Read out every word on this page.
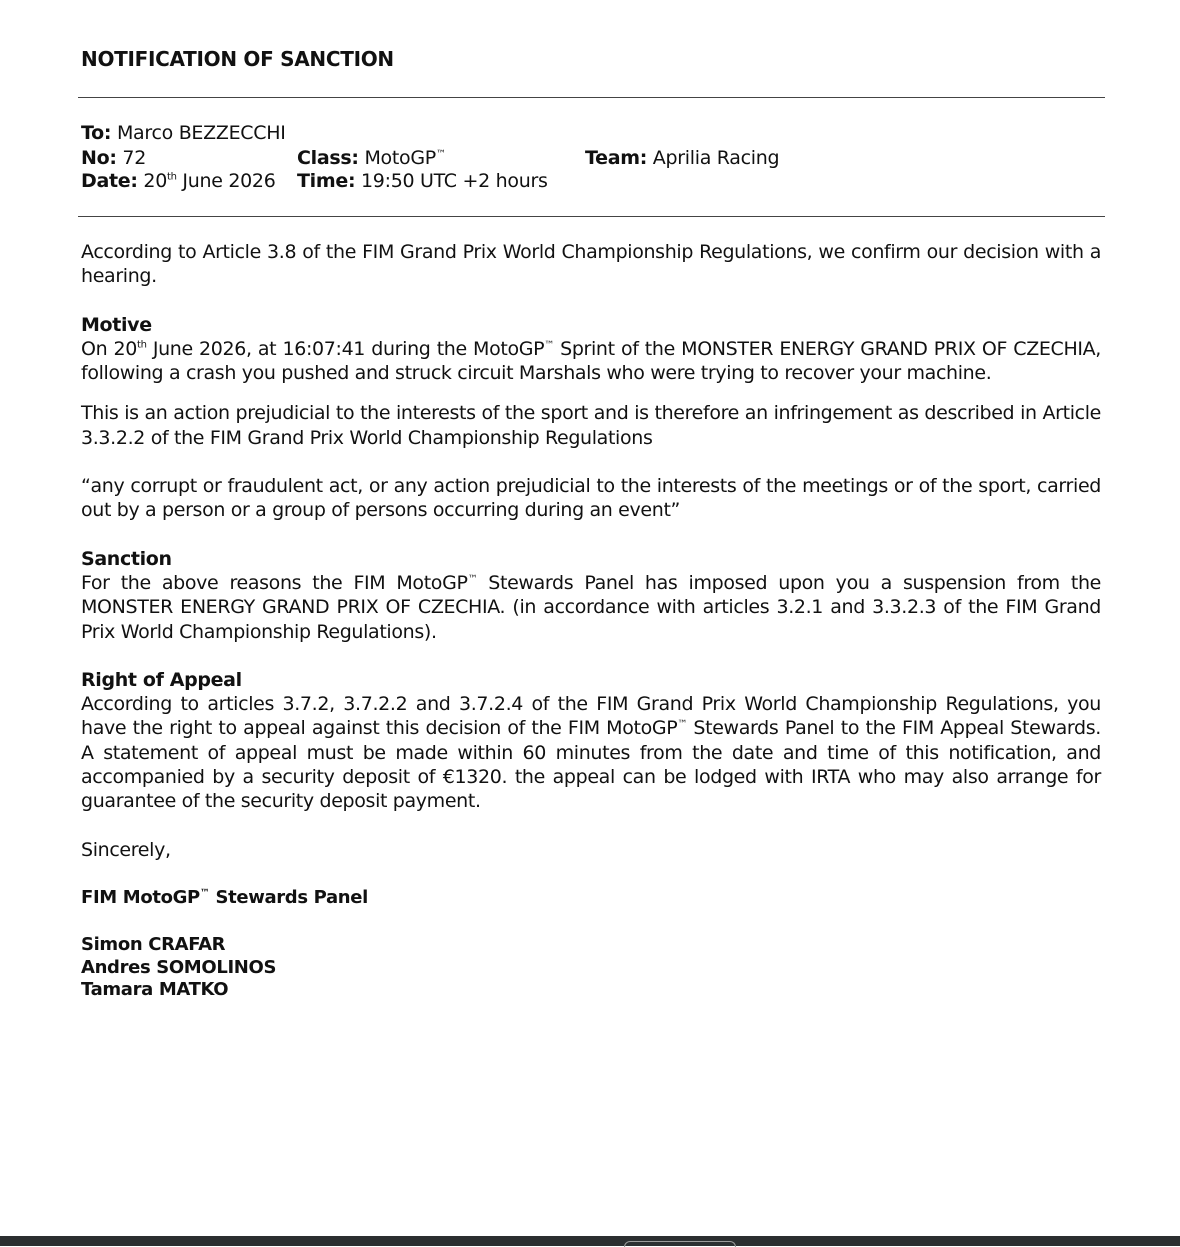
NOTIFICATION OF SANCTION
To: Marco BEZZECCHI
No: 72
Date: 20th June 2026
Class: MotoGP™
Time: 19:50 UTC +2 hours
Team: Aprilia Racing

According to Article 3.8 of the FIM Grand Prix World Championship Regulations, we confirm our decision with a hearing.

Motive
On 20th June 2026, at 16:07:41 during the MotoGP™ Sprint of the MONSTER ENERGY GRAND PRIX OF CZECHIA, following a crash you pushed and struck circuit Marshals who were trying to recover your machine.

This is an action prejudicial to the interests of the sport and is therefore an infringement as described in Article 3.3.2.2 of the FIM Grand Prix World Championship Regulations

“any corrupt or fraudulent act, or any action prejudicial to the interests of the meetings or of the sport, carried out by a person or a group of persons occurring during an event”

Sanction
For the above reasons the FIM MotoGP™ Stewards Panel has imposed upon you a suspension from the MONSTER ENERGY GRAND PRIX OF CZECHIA. (in accordance with articles 3.2.1 and 3.3.2.3 of the FIM Grand Prix World Championship Regulations).

Right of Appeal
According to articles 3.7.2, 3.7.2.2 and 3.7.2.4 of the FIM Grand Prix World Championship Regulations, you have the right to appeal against this decision of the FIM MotoGP™ Stewards Panel to the FIM Appeal Stewards. A statement of appeal must be made within 60 minutes from the date and time of this notification, and accompanied by a security deposit of €1320. the appeal can be lodged with IRTA who may also arrange for guarantee of the security deposit payment.

Sincerely,

FIM MotoGP™ Stewards Panel

Simon CRAFAR
Andres SOMOLINOS
Tamara MATKO
